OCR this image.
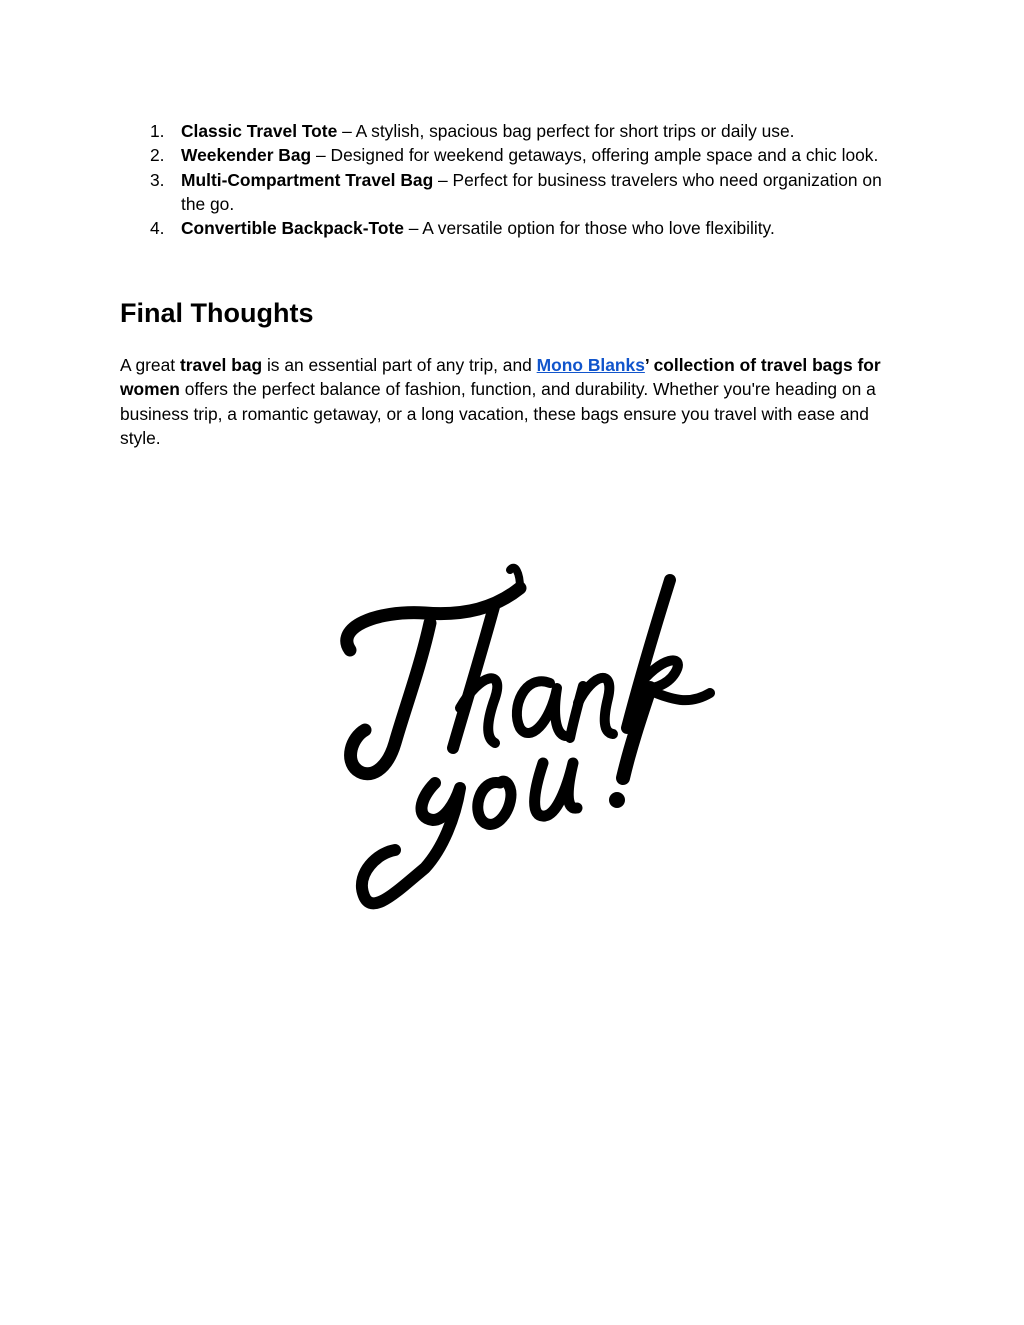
1. Classic Travel Tote – A stylish, spacious bag perfect for short trips or daily use.
2. Weekender Bag – Designed for weekend getaways, offering ample space and a chic look.
3. Multi-Compartment Travel Bag – Perfect for business travelers who need organization on the go.
4. Convertible Backpack-Tote – A versatile option for those who love flexibility.
Final Thoughts

A great travel bag is an essential part of any trip, and Mono Blanks’ collection of travel bags for women offers the perfect balance of fashion, function, and durability. Whether you're heading on a business trip, a romantic getaway, or a long vacation, these bags ensure you travel with ease and style.
